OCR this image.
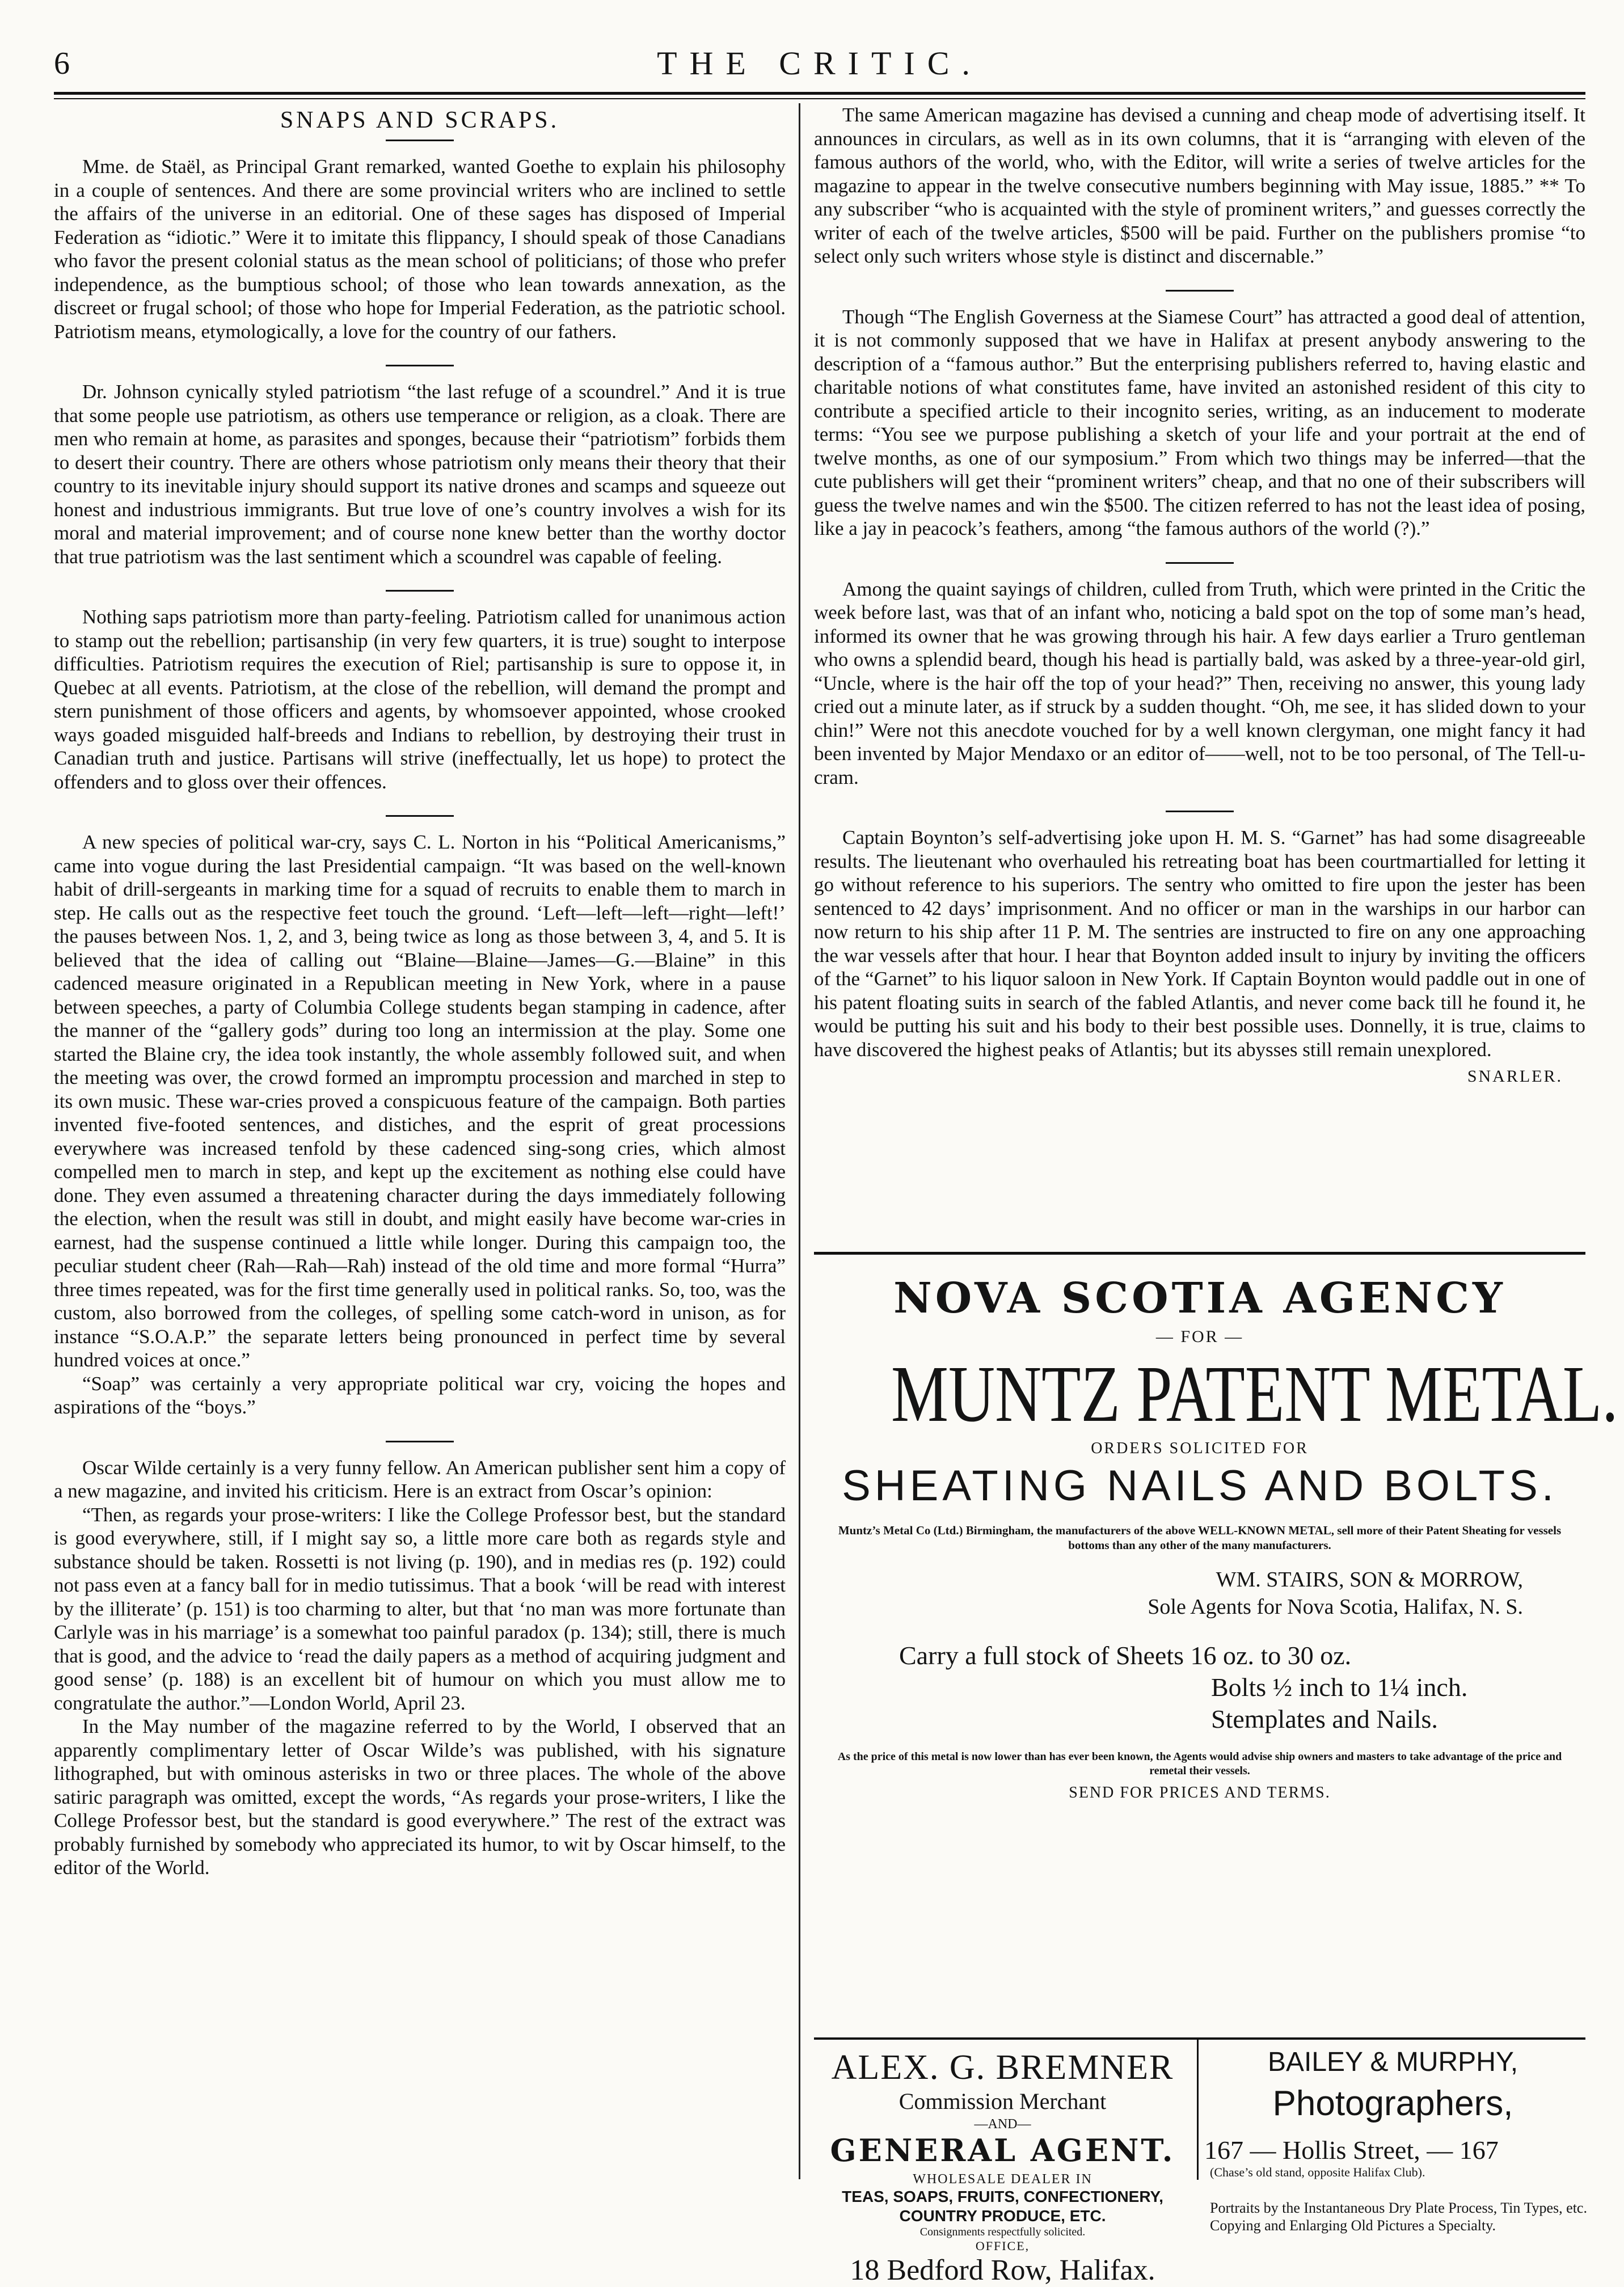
6	THE CRITIC.
SNAPS AND SCRAPS.

Mme. de Staël, as Principal Grant remarked, wanted Goethe to explain his philosophy in a couple of sentences. And there are some provincial writers who are inclined to settle the affairs of the universe in an editorial. One of these sages has disposed of Imperial Federation as “idiotic.” Were it to imitate this flippancy, I should speak of those Canadians who favor the present colonial status as the mean school of politicians; of those who prefer independence, as the bumptious school; of those who lean towards annexation, as the discreet or frugal school; of those who hope for Imperial Federation, as the patriotic school. Patriotism means, etymologically, a love for the country of our fathers.

Dr. Johnson cynically styled patriotism “the last refuge of a scoundrel.” And it is true that some people use patriotism, as others use temperance or religion, as a cloak. There are men who remain at home, as parasites and sponges, because their “patriotism” forbids them to desert their country. There are others whose patriotism only means their theory that their country to its inevitable injury should support its native drones and scamps and squeeze out honest and industrious immigrants. But true love of one’s country involves a wish for its moral and material improvement; and of course none knew better than the worthy doctor that true patriotism was the last sentiment which a scoundrel was capable of feeling.

Nothing saps patriotism more than party-feeling. Patriotism called for unanimous action to stamp out the rebellion; partisanship (in very few quarters, it is true) sought to interpose difficulties. Patriotism requires the execution of Riel; partisanship is sure to oppose it, in Quebec at all events. Patriotism, at the close of the rebellion, will demand the prompt and stern punishment of those officers and agents, by whomsoever appointed, whose crooked ways goaded misguided half-breeds and Indians to rebellion, by destroying their trust in Canadian truth and justice. Partisans will strive (ineffectually, let us hope) to protect the offenders and to gloss over their offences.

A new species of political war-cry, says C. L. Norton in his “Political Americanisms,” came into vogue during the last Presidential campaign. “It was based on the well-known habit of drill-sergeants in marking time for a squad of recruits to enable them to march in step. He calls out as the respective feet touch the ground. ‘Left—left—left—right—left!’ the pauses between Nos. 1, 2, and 3, being twice as long as those between 3, 4, and 5. It is believed that the idea of calling out “Blaine—Blaine—James—G.—Blaine” in this cadenced measure originated in a Republican meeting in New York, where in a pause between speeches, a party of Columbia College students began stamping in cadence, after the manner of the “gallery gods” during too long an intermission at the play. Some one started the Blaine cry, the idea took instantly, the whole assembly followed suit, and when the meeting was over, the crowd formed an impromptu procession and marched in step to its own music. These war-cries proved a conspicuous feature of the campaign. Both parties invented five-footed sentences, and distiches, and the esprit of great processions everywhere was increased tenfold by these cadenced sing-song cries, which almost compelled men to march in step, and kept up the excitement as nothing else could have done. They even assumed a threatening character during the days immediately following the election, when the result was still in doubt, and might easily have become war-cries in earnest, had the suspense continued a little while longer. During this campaign too, the peculiar student cheer (Rah—Rah—Rah) instead of the old time and more formal “Hurra” three times repeated, was for the first time generally used in political ranks. So, too, was the custom, also borrowed from the colleges, of spelling some catch-word in unison, as for instance “S.O.A.P.” the separate letters being pronounced in perfect time by several hundred voices at once.”

“Soap” was certainly a very appropriate political war cry, voicing the hopes and aspirations of the “boys.”

Oscar Wilde certainly is a very funny fellow. An American publisher sent him a copy of a new magazine, and invited his criticism. Here is an extract from Oscar’s opinion:

“Then, as regards your prose-writers: I like the College Professor best, but the standard is good everywhere, still, if I might say so, a little more care both as regards style and substance should be taken. Rossetti is not living (p. 190), and in medias res (p. 192) could not pass even at a fancy ball for in medio tutissimus. That a book ‘will be read with interest by the illiterate’ (p. 151) is too charming to alter, but that ‘no man was more fortunate than Carlyle was in his marriage’ is a somewhat too painful paradox (p. 134); still, there is much that is good, and the advice to ‘read the daily papers as a method of acquiring judgment and good sense’ (p. 188) is an excellent bit of humour on which you must allow me to congratulate the author.”—London World, April 23.

In the May number of the magazine referred to by the World, I observed that an apparently complimentary letter of Oscar Wilde’s was published, with his signature lithographed, but with ominous asterisks in two or three places. The whole of the above satiric paragraph was omitted, except the words, “As regards your prose-writers, I like the College Professor best, but the standard is good everywhere.” The rest of the extract was probably furnished by somebody who appreciated its humor, to wit by Oscar himself, to the editor of the World.

The same American magazine has devised a cunning and cheap mode of advertising itself. It announces in circulars, as well as in its own columns, that it is “arranging with eleven of the famous authors of the world, who, with the Editor, will write a series of twelve articles for the magazine to appear in the twelve consecutive numbers beginning with May issue, 1885.” ** To any subscriber “who is acquainted with the style of prominent writers,” and guesses correctly the writer of each of the twelve articles, $500 will be paid. Further on the publishers promise “to select only such writers whose style is distinct and discernable.”

Though “The English Governess at the Siamese Court” has attracted a good deal of attention, it is not commonly supposed that we have in Halifax at present anybody answering to the description of a “famous author.” But the enterprising publishers referred to, having elastic and charitable notions of what constitutes fame, have invited an astonished resident of this city to contribute a specified article to their incognito series, writing, as an inducement to moderate terms: “You see we purpose publishing a sketch of your life and your portrait at the end of twelve months, as one of our symposium.” From which two things may be inferred—that the cute publishers will get their “prominent writers” cheap, and that no one of their subscribers will guess the twelve names and win the $500. The citizen referred to has not the least idea of posing, like a jay in peacock’s feathers, among “the famous authors of the world (?).”

Among the quaint sayings of children, culled from Truth, which were printed in the Critic the week before last, was that of an infant who, noticing a bald spot on the top of some man’s head, informed its owner that he was growing through his hair. A few days earlier a Truro gentleman who owns a splendid beard, though his head is partially bald, was asked by a three-year-old girl, “Uncle, where is the hair off the top of your head?” Then, receiving no answer, this young lady cried out a minute later, as if struck by a sudden thought. “Oh, me see, it has slided down to your chin!” Were not this anecdote vouched for by a well known clergyman, one might fancy it had been invented by Major Mendaxo or an editor of——well, not to be too personal, of The Tell-u-cram.

Captain Boynton’s self-advertising joke upon H. M. S. “Garnet” has had some disagreeable results. The lieutenant who overhauled his retreating boat has been courtmartialled for letting it go without reference to his superiors. The sentry who omitted to fire upon the jester has been sentenced to 42 days’ imprisonment. And no officer or man in the warships in our harbor can now return to his ship after 11 P. M. The sentries are instructed to fire on any one approaching the war vessels after that hour. I hear that Boynton added insult to injury by inviting the officers of the “Garnet” to his liquor saloon in New York. If Captain Boynton would paddle out in one of his patent floating suits in search of the fabled Atlantis, and never come back till he found it, he would be putting his suit and his body to their best possible uses. Donnelly, it is true, claims to have discovered the highest peaks of Atlantis; but its abysses still remain unexplored.

SNARLER.
NOVA SCOTIA AGENCY
— FOR —
MUNTZ PATENT METAL.
ORDERS SOLICITED FOR
SHEATING NAILS AND BOLTS.
Muntz’s Metal Co (Ltd.) Birmingham, the manufacturers of the above WELL-KNOWN METAL, sell more of their Patent Sheating for vessels bottoms than any other of the many manufacturers.
WM. STAIRS, SON & MORROW,
Sole Agents for Nova Scotia, Halifax, N. S.
Carry a full stock of Sheets 16 oz. to 30 oz.
Bolts ½ inch to 1¼ inch.
Stemplates and Nails.
As the price of this metal is now lower than has ever been known, the Agents would advise ship owners and masters to take advantage of the price and remetal their vessels.
SEND FOR PRICES AND TERMS.
ALEX. G. BREMNER
Commission Merchant
—AND—
GENERAL AGENT.
WHOLESALE DEALER IN
TEAS, SOAPS, FRUITS, CONFECTIONERY, COUNTRY PRODUCE, ETC.
Consignments respectfully solicited.
OFFICE,
18 Bedford Row, Halifax.
BAILEY & MURPHY,
Photographers,
167 — Hollis Street, — 167
(Chase’s old stand, opposite Halifax Club).
Portraits by the Instantaneous Dry Plate Process, Tin Types, etc. Copying and Enlarging Old Pictures a Specialty.
